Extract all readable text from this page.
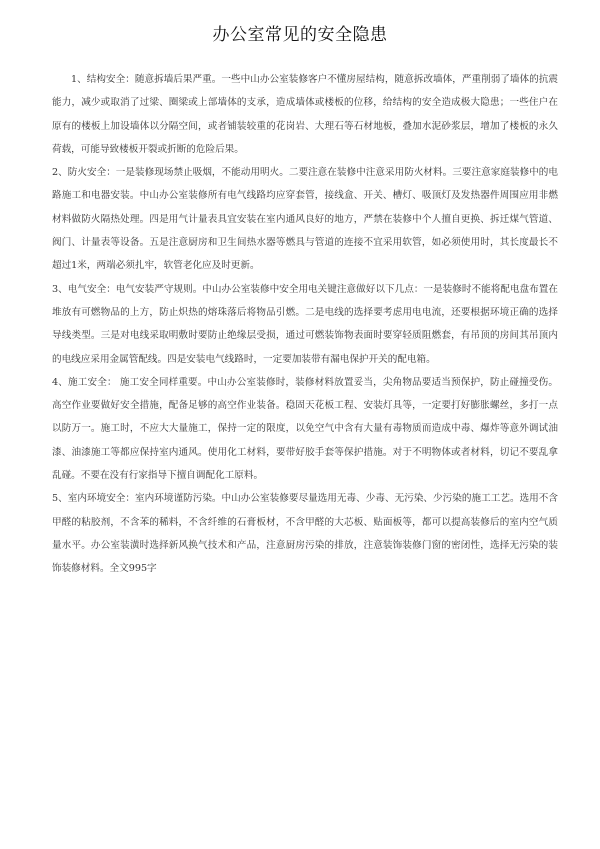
办公室常见的安全隐患

1、结构安全：随意拆墙后果严重。一些中山办公室装修客户不懂房屋结构，随意拆改墙体，严重削弱了墙体的抗震能力，减少或取消了过梁、圈梁或上部墙体的支承，造成墙体或楼板的位移，给结构的安全造成极大隐患；一些住户在原有的楼板上加设墙体以分隔空间，或者铺装较重的花岗岩、大理石等石材地板，叠加水泥砂浆层，增加了楼板的永久荷载，可能导致楼板开裂或折断的危险后果。

2、防火安全：一是装修现场禁止吸烟，不能动用明火。二要注意在装修中注意采用防火材料。三要注意家庭装修中的电路施工和电器安装。中山办公室装修所有电气线路均应穿套管，接线盒、开关、槽灯、吸顶灯及发热器件周围应用非燃材料做防火隔热处理。四是用气计量表具宜安装在室内通风良好的地方，严禁在装修中个人擅自更换、拆迁煤气管道、阀门、计量表等设备。五是注意厨房和卫生间热水器等燃具与管道的连接不宜采用软管，如必须使用时，其长度最长不超过1米，两端必须扎牢，软管老化应及时更新。

3、电气安全：电气安装严守规则。中山办公室装修中安全用电关键注意做好以下几点：一是装修时不能将配电盘布置在堆放有可燃物品的上方，防止炽热的熔珠落后将物品引燃。二是电线的选择要考虑用电电流，还要根据环境正确的选择导线类型。三是对电线采取明敷时要防止绝缘层受损，通过可燃装饰物表面时要穿轻质阻燃套，有吊顶的房间其吊顶内的电线应采用金属管配线。四是安装电气线路时，一定要加装带有漏电保护开关的配电箱。

4、施工安全： 施工安全同样重要。中山办公室装修时，装修材料放置妥当，尖角物品要适当预保护，防止碰撞受伤。高空作业要做好安全措施，配备足够的高空作业装备。稳固天花板工程、安装灯具等，一定要打好膨胀螺丝，多打一点以防万一。施工时，不应大大量施工，保持一定的限度，以免空气中含有大量有毒物质而造成中毒、爆炸等意外调试油漆、油漆施工等都应保持室内通风。使用化工材料，要带好胶手套等保护措施。对于不明物体或者材料，切记不要乱拿乱碰。不要在没有行家指导下擅自调配化工原料。

5、室内环境安全：室内环境谨防污染。中山办公室装修要尽量选用无毒、少毒、无污染、少污染的施工工艺。选用不含甲醛的粘胶剂，不含苯的稀料，不含纤维的石膏板材，不含甲醛的大芯板、贴面板等，都可以提高装修后的室内空气质量水平。办公室装潢时选择新风换气技术和产品，注意厨房污染的排放，注意装饰装修门窗的密闭性，选择无污染的装饰装修材料。全文995字
